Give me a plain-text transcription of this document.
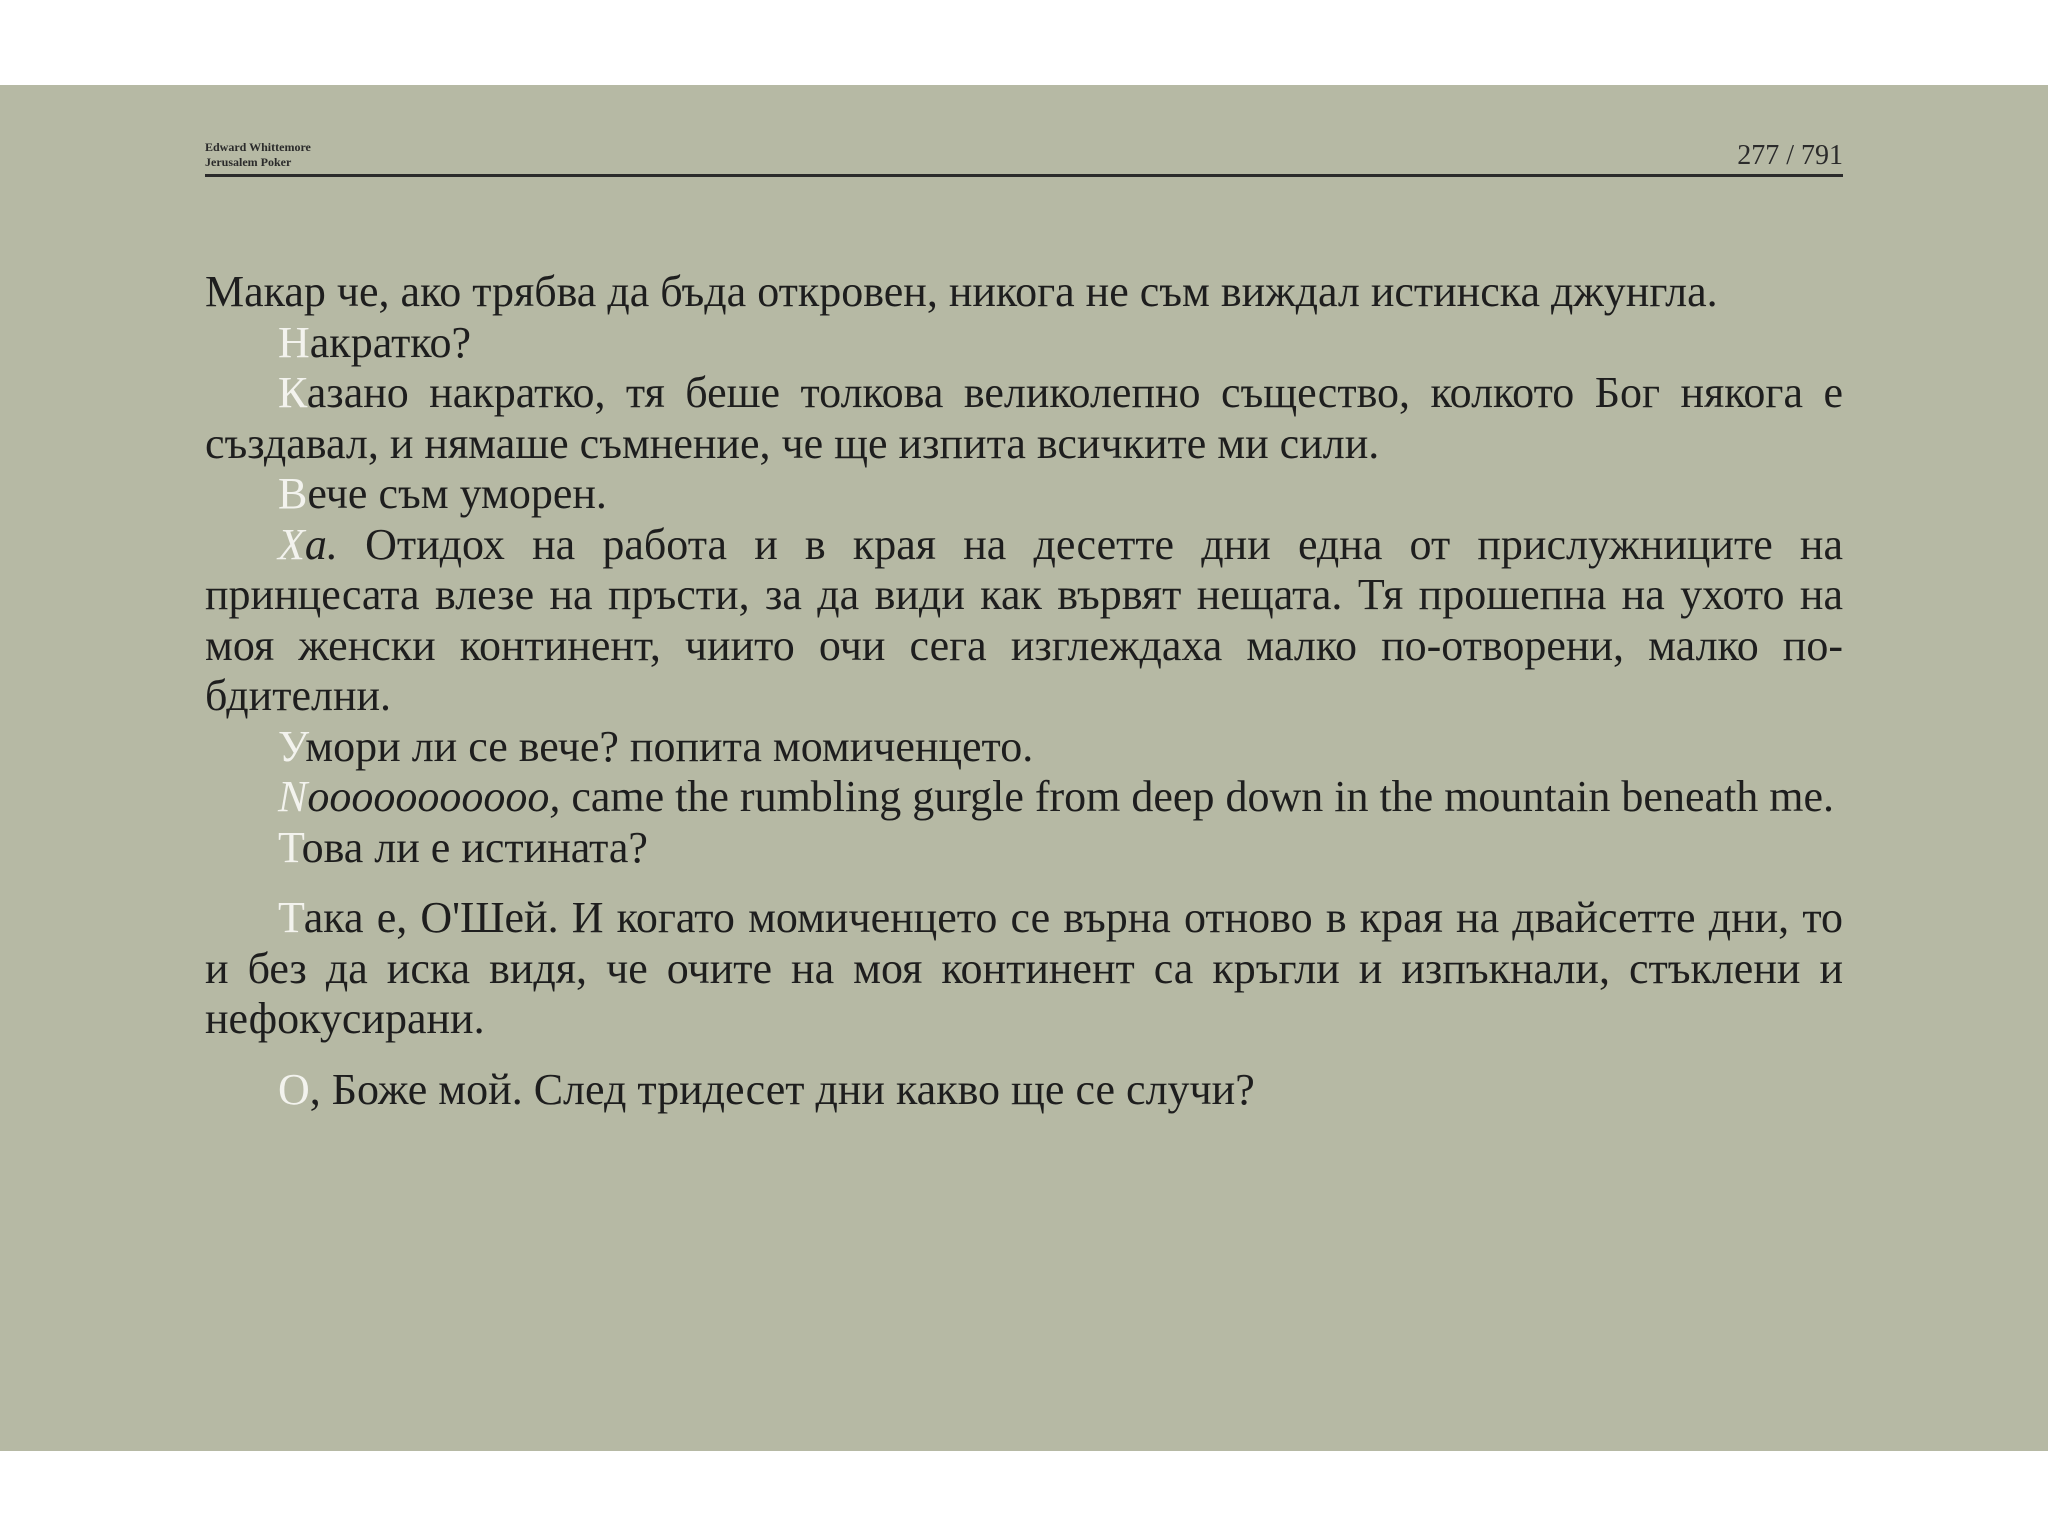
Edward Whittemore
Jerusalem Poker	277 / 791

Макар че, ако трябва да бъда откровен, никога не съм виждал истинска джунгла.

Накратко?

Казано накратко, тя беше толкова великолепно същество, колкото Бог някога е създавал, и нямаше съмнение, че ще изпита всичките ми сили.

Вече съм уморен.

Ха. Отидох на работа и в края на десетте дни една от прислужниците на принцесата влезе на пръсти, за да види как вървят нещата. Тя прошепна на ухото на моя женски континент, чиито очи сега изглеждаха малко по-отворени, малко по-бдителни.

Умори ли се вече? попита момиченцето.

Nooooooooooo, came the rumbling gurgle from deep down in the mountain beneath me.

Това ли е истината?

Така е, О'Шей. И когато момиченцето се върна отново в края на двайсетте дни, то и без да иска видя, че очите на моя континент са кръгли и изпъкнали, стъклени и нефокусирани.

О, Боже мой. След тридесет дни какво ще се случи?
